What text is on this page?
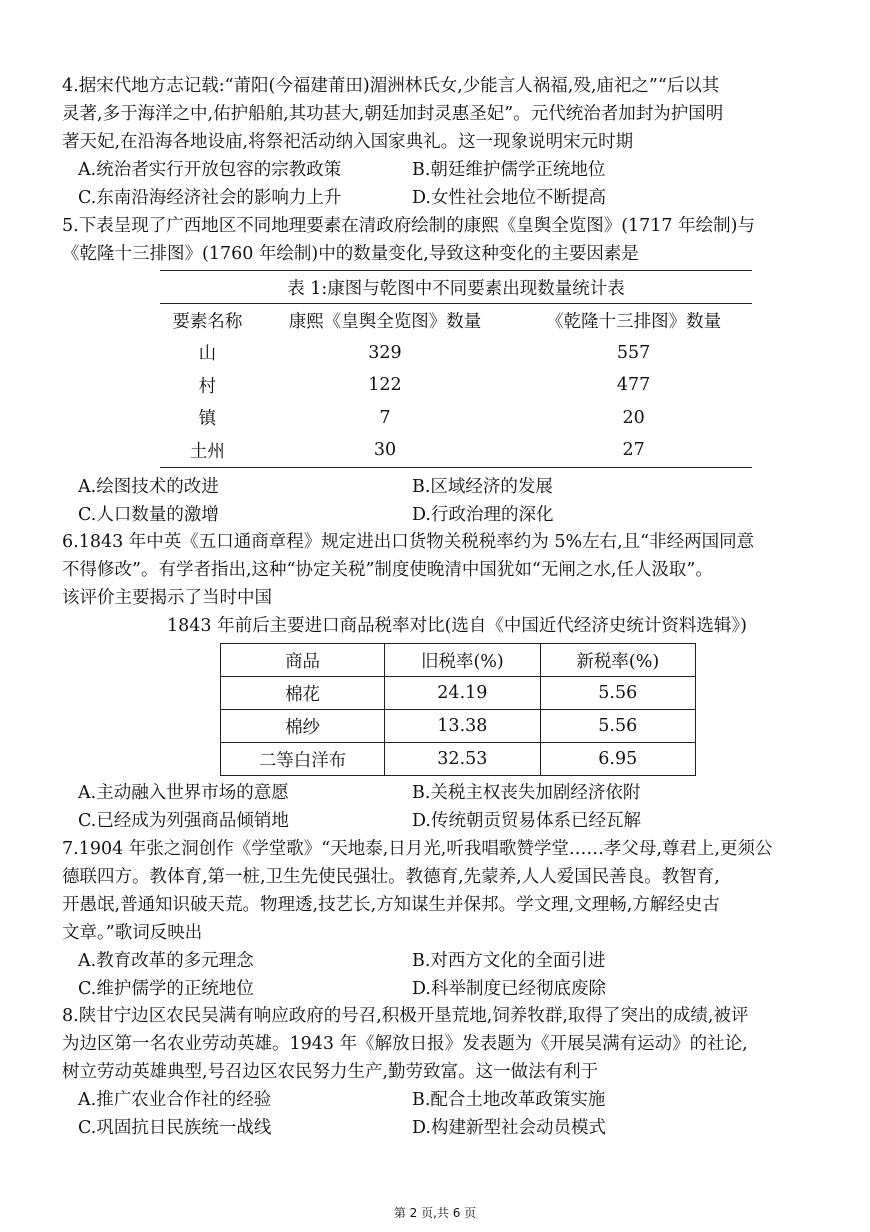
4.据宋代地方志记载:“莆阳(今福建莆田)湄洲林氏女,少能言人祸福,殁,庙祀之”“后以其

灵著,多于海洋之中,佑护船舶,其功甚大,朝廷加封灵惠圣妃”。元代统治者加封为护国明

著天妃,在沿海各地设庙,将祭祀活动纳入国家典礼。这一现象说明宋元时期

A.统治者实行开放包容的宗教政策	B.朝廷维护儒学正统地位
C.东南沿海经济社会的影响力上升	D.女性社会地位不断提高

5.下表呈现了广西地区不同地理要素在清政府绘制的康熙《皇舆全览图》(1717 年绘制)与

《乾隆十三排图》(1760 年绘制)中的数量变化,导致这种变化的主要因素是

表 1:康图与乾图中不同要素出现数量统计表		
要素名称	康熙《皇舆全览图》数量	《乾隆十三排图》数量
山	329	557
村	122	477
镇	7	20
土州	30	27
A.绘图技术的改进	B.区域经济的发展
C.人口数量的激增	D.行政治理的深化

6.1843 年中英《五口通商章程》规定进出口货物关税税率约为 5%左右,且“非经两国同意

不得修改”。有学者指出,这种“协定关税”制度使晚清中国犹如“无闸之水,任人汲取”。

该评价主要揭示了当时中国

1843 年前后主要进口商品税率对比(选自《中国近代经济史统计资料选辑》)
商品	旧税率(%)	新税率(%)
棉花	24.19	5.56
棉纱	13.38	5.56
二等白洋布	32.53	6.95
A.主动融入世界市场的意愿	B.关税主权丧失加剧经济依附
C.已经成为列强商品倾销地	D.传统朝贡贸易体系已经瓦解

7.1904 年张之洞创作《学堂歌》“天地泰,日月光,听我唱歌赞学堂……孝父母,尊君上,更须公

德联四方。教体育,第一桩,卫生先使民强壮。教德育,先蒙养,人人爱国民善良。教智育,

开愚氓,普通知识破天荒。物理透,技艺长,方知谋生并保邦。学文理,文理畅,方解经史古

文章。”歌词反映出

A.教育改革的多元理念	B.对西方文化的全面引进
C.维护儒学的正统地位	D.科举制度已经彻底废除

8.陕甘宁边区农民吴满有响应政府的号召,积极开垦荒地,饲养牧群,取得了突出的成绩,被评

为边区第一名农业劳动英雄。1943 年《解放日报》发表题为《开展吴满有运动》的社论,

树立劳动英雄典型,号召边区农民努力生产,勤劳致富。这一做法有利于

A.推广农业合作社的经验	B.配合土地改革政策实施
C.巩固抗日民族统一战线	D.构建新型社会动员模式
第 2 页,共 6 页
